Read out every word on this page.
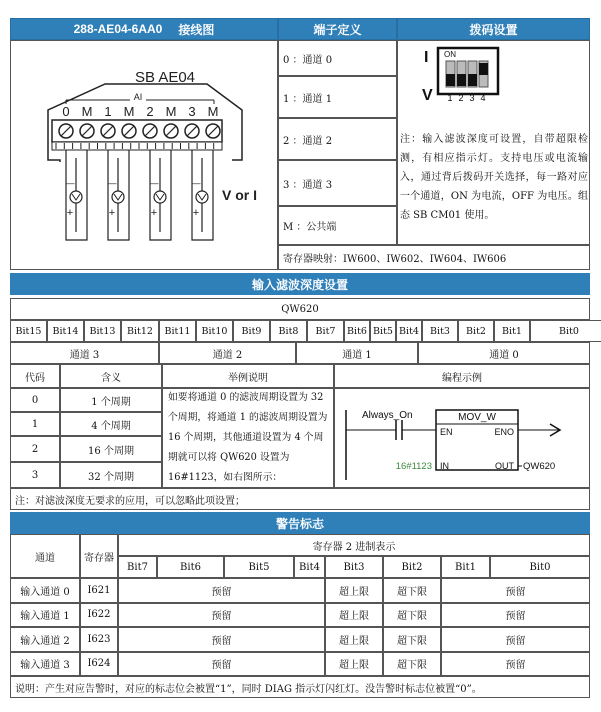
288-AE04-6AA0 接线图	端子定义	拨码设置
SB AE04
AI
0 M 1 M 2 M 3 M
—
+
—
+
—
+
—
+
V or I
0 ：通道 0
1 ：通道 1
2 ：通道 2
3 ：通道 3
M ：公共端
I
V
ON
1 2 3 4
注：输入滤波深度可设置，自带超限检测，有相应指示灯。支持电压或电流输入，通过背后拨码开关选择，每一路对应一个通道，ON 为电流，OFF 为电压。组态 SB CM01 使用。
寄存器映射：IW600、IW602、IW604、IW606
输入滤波深度设置
QW620
Bit15	Bit14	Bit13	Bit12	Bit11	Bit10	Bit9	Bit8	Bit7	Bit6 Bit5 Bit4	Bit3	Bit2	Bit1	Bit0
通道 3	通道 2	通道 1	通道 0
代码	含义	举例说明	编程示例
0	1 个周期
1	4 个周期
2	16 个周期
3	32 个周期
如要将通道 0 的滤波周期设置为 32 个周期，将通道 1 的滤波周期设置为 16 个周期，其他通道设置为 4 个周期就可以将 QW620 设置为 16#1123，如右图所示：
Always_On	MOV_W
EN	ENO
16#1123 IN	OUT QW620
注：对滤波深度无要求的应用，可以忽略此项设置；
警告标志
通道	寄存器
寄存器 2 进制表示
Bit7	Bit6	Bit5	Bit4	Bit3	Bit2	Bit1	Bit0
输入通道 0	I621	预留	超上限	超下限	预留
输入通道 1	I622	预留	超上限	超下限	预留
输入通道 2	I623	预留	超上限	超下限	预留
输入通道 3	I624	预留	超上限	超下限	预留
说明：产生对应告警时，对应的标志位会被置“1”，同时 DIAG 指示灯闪红灯。没告警时标志位被置“0”。
